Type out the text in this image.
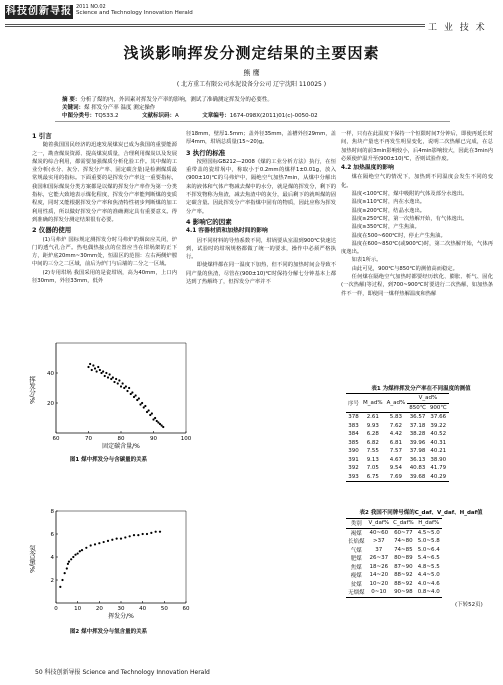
科技创新导报 2011 NO.02
Science and Technology Innovation Herald
工 业 技 术
浅谈影响挥发分测定结果的主要因素
熊 鹰
( 北方重工有限公司水泥设备分公司 辽宁沈阳 110025 )
摘 要：分析了煤的内，外因素对挥发分产率的影响，测试了准确测定挥发分的必要性。
关键词：煤 挥发分产率 温度 测定操作
中图分类号：TQ533.2	文献标识码：A	文章编号：1674-098X(2011)01(c)-0050-02
1 引言

随着我国国民经济的迅速发展煤炭已成为我国的重要能源之一，勘查煤炭资源、提高煤炭质量，合理利用煤炭以及发展煤炭的综合利用，都需要加强煤质分析化验工作。其中煤的工业分析(水分、灰分、挥发分产率、固定碳含量)是检测煤质最常规最实用的指标。下面重要的是挥发分产率这一重要指标，我国和国际煤炭分类方案都是以煤的挥发分产率作为第一分类指标，它能大致地表示煤化程度，挥发分产率能判断煤的变质程度，同时又能根据挥发分产率和焦渣特性初步判断煤的加工利用性质，所以做好挥发分产率的准确测定具有重要意义。得到准确的挥发分测定结果很有必要。

2 仪器的使用

(1)马弗炉 国标规定测挥发分时马弗炉的烟囱应关闭，炉门的透气孔合严。热电偶热接点的位置应当在坩埚架的正下方，距炉底20mm~30mm处，恒温区的范围：左右两侧炉膛中间的三分之二区域，前后为炉门与后墙的二分之一区域。

(2)专用坩埚 我国采用的是瓷坩埚，高为40mm，上口内径30mm，外径33mm，低外

径18mm，壁厚1.5mm；盖外径35mm，盖槽外径29mm，盖厚4mm，坩埚总质量(15~20)g。

3 执行的标准

按照国标GB212—2008《煤的工业分析方法》执行，在恒重带盖的瓷坩埚中，称取小于0.2mm的煤样1±0.01g，放入(900±10)℃的马弗炉中，隔绝空气加热7min，从煤中分解出来的液体和气体产物减去煤中的水分，就是煤的挥发分，剩下的不挥发物称为焦渣，减去焦渣中的灰分，最后剩下的就叫煤的固定碳含量。因此挥发分产率指煤中固有的物质，因此应称为挥发分产率。

4 影响它的因素
4.1 容器材质和加热时间的影响

因不同材料的导热系数不同，坩埚要从室温到900℃快速达到，试验时的坩埚规格都做了统一的要求，操作中必须严格执行。

即使煤样都在同一温度下加热，但不同的加热时间会导致不同产量的焦渣，尽管在(900±10)℃时保持分解七分钟基本上都达到了热解终了，但挥发分产率并不

一样，只有在此温度下保持一个恒限时间7分钟后，即使再延长时间，焦块产量也不再发生明显变化，说明二次热解已完成，在总加热时间的前3min影响较小，后4min影响较大，因此在3min内必须使炉温升至(900±10)℃，否则试验作废。

4.2 加热温度的影响

煤在隔绝空气的情况下，加热到不同温度会发生不同的变化。

温度<100℃时，煤中吸附的气体及部分水逸出。

温度≥110℃时，内在水逸出。

温度≥200℃时，结晶水逸出。

温度≥250℃时，第一次热解开始，有气体逸出。

温度≥350℃时，产生焦油。

温度在500~600℃时，停止产生焦油。

温度在600~850℃(或900℃)时，第二次热解开始，气体再度逸出。

如表1所示。

由此可见，900℃与850℃的测值高而稳定。

任何煤在隔绝空气加热时都要经历软化、膨胀、析气、固化(一次热解)等过程，到700~900℃时要进行二次热解，如加热条件不一样，即使同一煤样热解温度和热解

表1 为煤样挥发分产率在不同温度的测值
序号	M_ad%	A_ad%	V_ad%	
			850℃	900℃
378	2.61	5.83	36.57	37.66
383	9.93	7.62	37.18	39.22
384	6.28	4.42	38.28	40.52
385	6.82	6.81	39.96	40.31
390	7.55	7.57	37.98	40.21
391	9.13	4.67	36.13	38.90
392	7.05	9.54	40.83	41.79
393	6.75	7.69	39.68	40.29
表2 我国不同牌号煤的C_daf、V_daf、H_daf值
类别	V_daf%	C_daf%	H_daf%
褐煤	40~60	60~77	4.5~5.0
长焰煤	>37	74~80	5.0~5.8
气煤	37	74~85	5.0~6.4
肥煤	26~37	80~89	5.4~6.5
焦煤	18~26	87~90	4.8~5.5
瘦煤	14~20	88~92	4.4~5.0
贫煤	10~20	88~92	4.0~4.6
无烟煤	0~10	90~98	0.8~4.0
(下转52页)
60	70	80	90	100
20
40
固定碳含量/%
挥发分/%
图1 煤中挥发分与含碳量的关系
0	10	20	30	40	50	60
2
4
6
8
挥发分/%
氢含量/%
图2 煤中挥发分与氢含量的关系
50 科技创新导报 Science and Technology Innovation Herald
